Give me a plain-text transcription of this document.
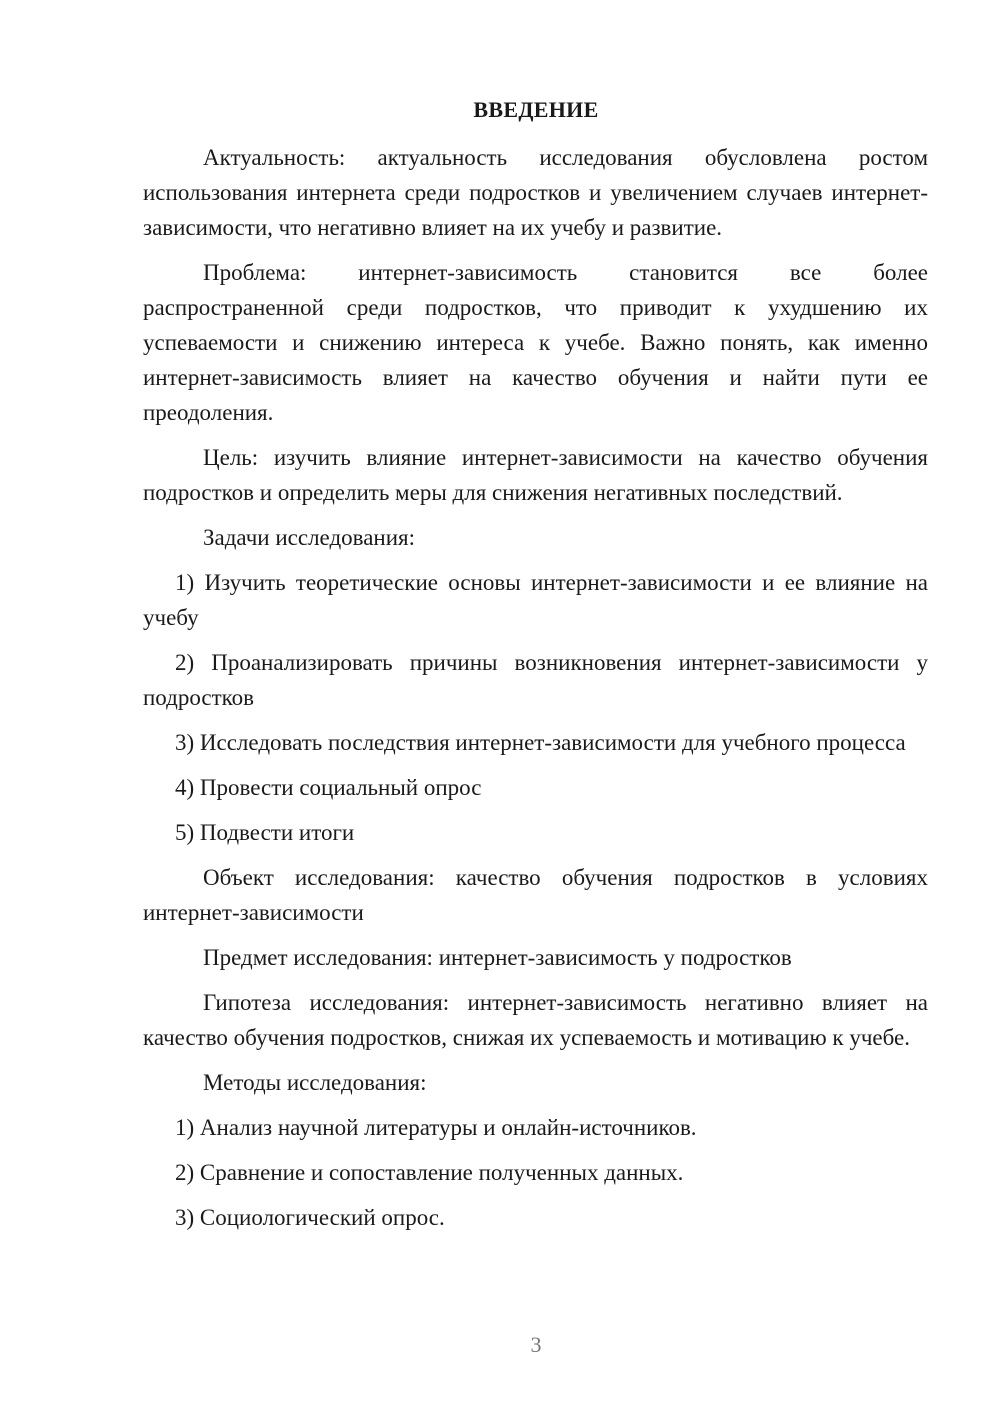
ВВЕДЕНИЕ

Актуальность: актуальность исследования обусловлена ростом использования интернета среди подростков и увеличением случаев интернет-зависимости, что негативно влияет на их учебу и развитие.

Проблема: интернет-зависимость становится все более распространенной среди подростков, что приводит к ухудшению их успеваемости и снижению интереса к учебе. Важно понять, как именно интернет-зависимость влияет на качество обучения и найти пути ее преодоления.

Цель: изучить влияние интернет-зависимости на качество обучения подростков и определить меры для снижения негативных последствий.

Задачи исследования:

1) Изучить теоретические основы интернет-зависимости и ее влияние на учебу

2) Проанализировать причины возникновения интернет-зависимости у подростков

3) Исследовать последствия интернет-зависимости для учебного процесса

4) Провести социальный опрос

5) Подвести итоги

Объект исследования: качество обучения подростков в условиях интернет-зависимости

Предмет исследования: интернет-зависимость у подростков

Гипотеза исследования: интернет-зависимость негативно влияет на качество обучения подростков, снижая их успеваемость и мотивацию к учебе.

Методы исследования:

1) Анализ научной литературы и онлайн-источников.

2) Сравнение и сопоставление полученных данных.

3) Социологический опрос.

3
